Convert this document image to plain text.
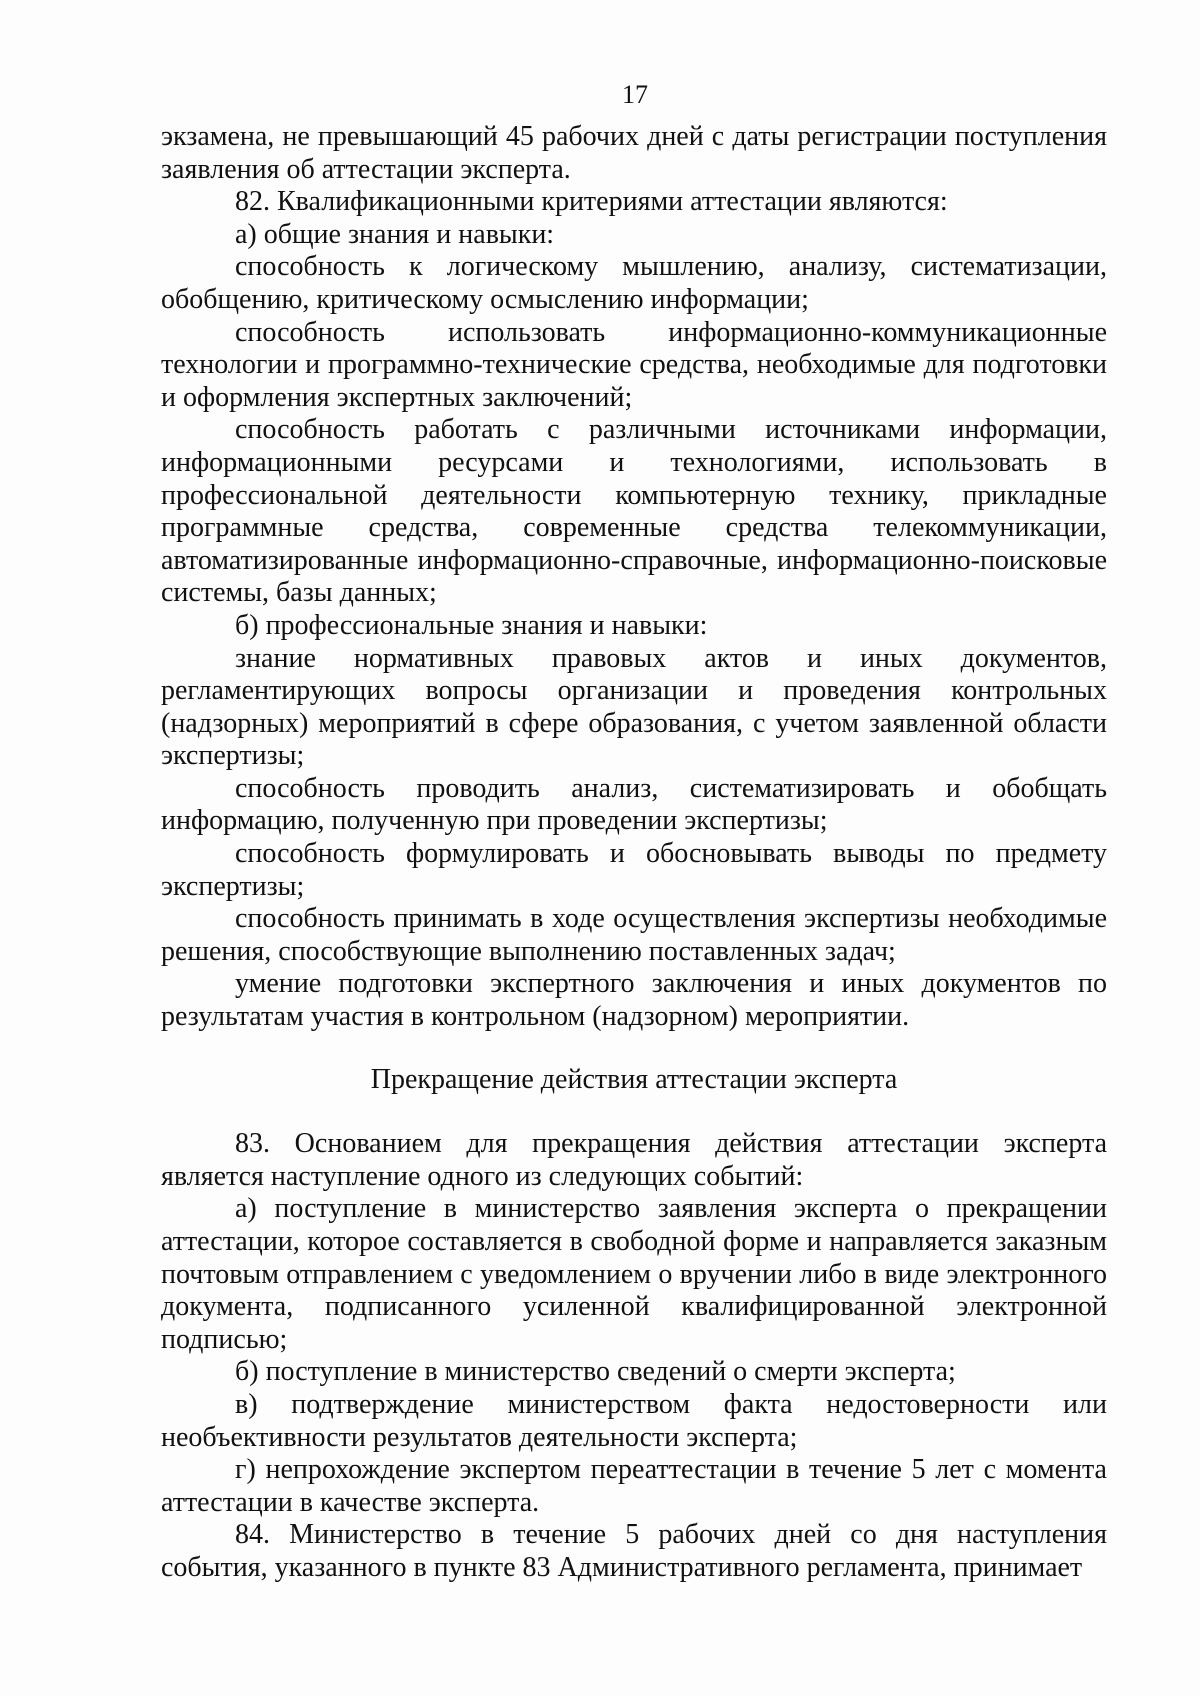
17

экзамена, не превышающий 45 рабочих дней с даты регистрации поступления заявления об аттестации эксперта.

82. Квалификационными критериями аттестации являются:

а) общие знания и навыки:

способность к логическому мышлению, анализу, систематизации, обобщению, критическому осмыслению информации;

способность использовать информационно-коммуникационные технологии и программно-технические средства, необходимые для подготовки и оформления экспертных заключений;

способность работать с различными источниками информации, информационными ресурсами и технологиями, использовать в профессиональной деятельности компьютерную технику, прикладные программные средства, современные средства телекоммуникации, автоматизированные информационно-справочные, информационно-поисковые системы, базы данных;

б) профессиональные знания и навыки:

знание нормативных правовых актов и иных документов, регламентирующих вопросы организации и проведения контрольных (надзорных) мероприятий в сфере образования, с учетом заявленной области экспертизы;

способность проводить анализ, систематизировать и обобщать информацию, полученную при проведении экспертизы;

способность формулировать и обосновывать выводы по предмету экспертизы;

способность принимать в ходе осуществления экспертизы необходимые решения, способствующие выполнению поставленных задач;

умение подготовки экспертного заключения и иных документов по результатам участия в контрольном (надзорном) мероприятии.

Прекращение действия аттестации эксперта

83. Основанием для прекращения действия аттестации эксперта является наступление одного из следующих событий:

а) поступление в министерство заявления эксперта о прекращении аттестации, которое составляется в свободной форме и направляется заказным почтовым отправлением с уведомлением о вручении либо в виде электронного документа, подписанного усиленной квалифицированной электронной подписью;

б) поступление в министерство сведений о смерти эксперта;

в) подтверждение министерством факта недостоверности или необъективности результатов деятельности эксперта;

г) непрохождение экспертом переаттестации в течение 5 лет с момента аттестации в качестве эксперта.

84. Министерство в течение 5 рабочих дней со дня наступления события, указанного в пункте 83 Административного регламента, принимает
